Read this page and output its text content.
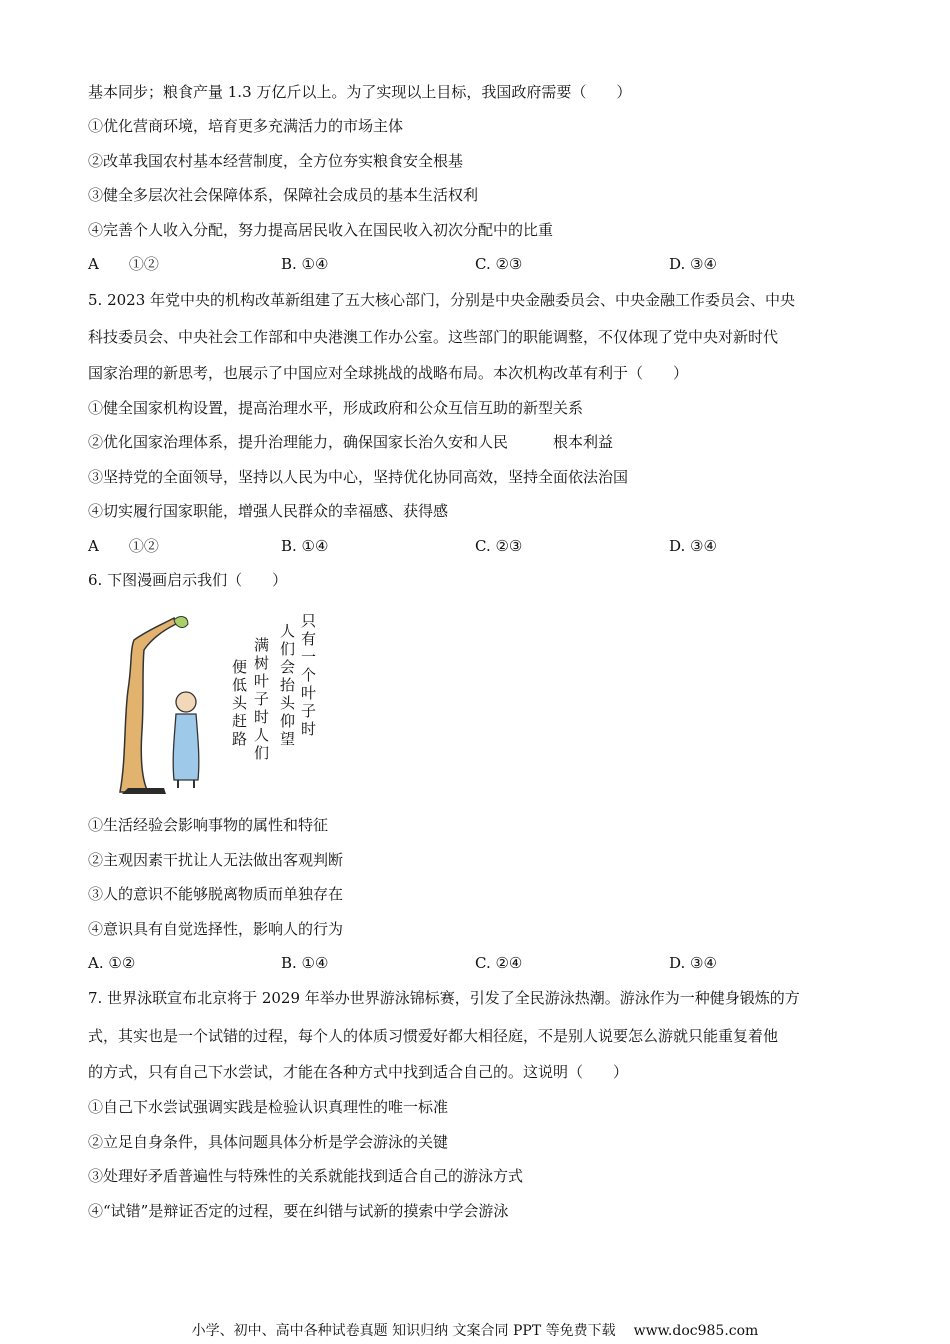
基本同步；粮食产量 1.3 万亿斤以上。为了实现以上目标，我国政府需要（　　）
①优化营商环境，培育更多充满活力的市场主体
②改革我国农村基本经营制度，全方位夯实粮食安全根基
③健全多层次社会保障体系，保障社会成员的基本生活权利
④完善个人收入分配，努力提高居民收入在国民收入初次分配中的比重
A　　①②	B. ①④	C. ②③	D. ③④
5. 2023 年党中央的机构改革新组建了五大核心部门，分别是中央金融委员会、中央金融工作委员会、中央
科技委员会、中央社会工作部和中央港澳工作办公室。这些部门的职能调整，不仅体现了党中央对新时代
国家治理的新思考，也展示了中国应对全球挑战的战略布局。本次机构改革有利于（　　）
①健全国家机构设置，提高治理水平，形成政府和公众互信互助的新型关系
②优化国家治理体系，提升治理能力，确保国家长治久安和人民　　　根本利益
③坚持党的全面领导，坚持以人民为中心，坚持优化协同高效，坚持全面依法治国
④切实履行国家职能，增强人民群众的幸福感、获得感
A　　①②	B. ①④	C. ②③	D. ③④
6. 下图漫画启示我们（　　）
只有一个叶子时 人们会抬头仰望 满树叶子时人们 便低头赶路
①生活经验会影响事物的属性和特征
②主观因素干扰让人无法做出客观判断
③人的意识不能够脱离物质而单独存在
④意识具有自觉选择性，影响人的行为
A. ①②	B. ①④	C. ②④	D. ③④
7. 世界泳联宣布北京将于 2029 年举办世界游泳锦标赛，引发了全民游泳热潮。游泳作为一种健身锻炼的方
式，其实也是一个试错的过程，每个人的体质习惯爱好都大相径庭，不是别人说要怎么游就只能重复着他
的方式，只有自己下水尝试，才能在各种方式中找到适合自己的。这说明（　　）
①自己下水尝试强调实践是检验认识真理性的唯一标准
②立足自身条件，具体问题具体分析是学会游泳的关键
③处理好矛盾普遍性与特殊性的关系就能找到适合自己的游泳方式
④“试错”是辩证否定的过程，要在纠错与试新的摸索中学会游泳
小学、初中、高中各种试卷真题 知识归纳 文案合同 PPT 等免费下载 www.doc985.com
